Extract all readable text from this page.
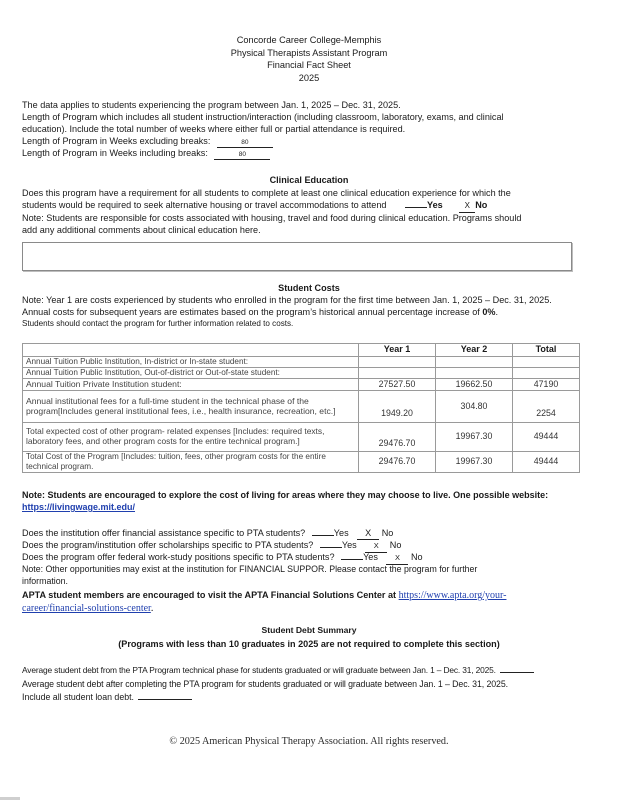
Concorde Career College-Memphis
Physical Therapists Assistant Program
Financial Fact Sheet
2025
The data applies to students experiencing the program between Jan. 1, 2025 – Dec. 31, 2025.
Length of Program which includes all student instruction/interaction (including classroom, laboratory, exams, and clinical
education). Include the total number of weeks where either full or partial attendance is required.
Length of Program in Weeks excluding breaks:	80
Length of Program in Weeks including breaks:	80
Clinical Education
Does this program have a requirement for all students to complete at least one clinical education experience for which the
students would be required to seek alternative housing or travel accommodations to attend	Yes	X No
Note: Students are responsible for costs associated with housing, travel and food during clinical education. Programs should
add any additional comments about clinical education here.
Student Costs
Note: Year 1 are costs experienced by students who enrolled in the program for the first time between Jan. 1, 2025 – Dec. 31, 2025.
Annual costs for subsequent years are estimates based on the program’s historical annual percentage increase of 0%.
Students should contact the program for further information related to costs.
	Year 1	Year 2	Total
Annual Tuition Public Institution, In-district or In-state student:			
Annual Tuition Public Institution, Out-of-district or Out-of-state student:			
Annual Tuition Private Institution student:	27527.50	19662.50	47190
Annual institutional fees for a full-time student in the technical phase of the program[Includes general institutional fees, i.e., health insurance, recreation, etc.]	1949.20	304.80	2254
Total expected cost of other program- related expenses [Includes: required texts, laboratory fees, and other program costs for the entire technical program.]	29476.70	19967.30	49444
Total Cost of the Program [Includes: tuition, fees, other program costs for the entire technical program.	29476.70	19967.30	49444
Note: Students are encouraged to explore the cost of living for areas where they may choose to live. One possible website:
https://livingwage.mit.edu/
Does the institution offer financial assistance specific to PTA students?	Yes X No
Does the program/institution offer scholarships specific to PTA students?	Yes X No
Does the program offer federal work-study positions specific to PTA students?	Yes X No
Note: Other opportunities may exist at the institution for FINANCIAL SUPPOR. Please contact the program for further
information.
APTA student members are encouraged to visit the APTA Financial Solutions Center at https://www.apta.org/your-
career/financial-solutions-center.
Student Debt Summary
(Programs with less than 10 graduates in 2025 are not required to complete this section)
Average student debt from the PTA Program technical phase for students graduated or will graduate between Jan. 1 – Dec. 31, 2025.
Average student debt after completing the PTA program for students graduated or will graduate between Jan. 1 – Dec. 31, 2025.
Include all student loan debt.
© 2025 American Physical Therapy Association. All rights reserved.
